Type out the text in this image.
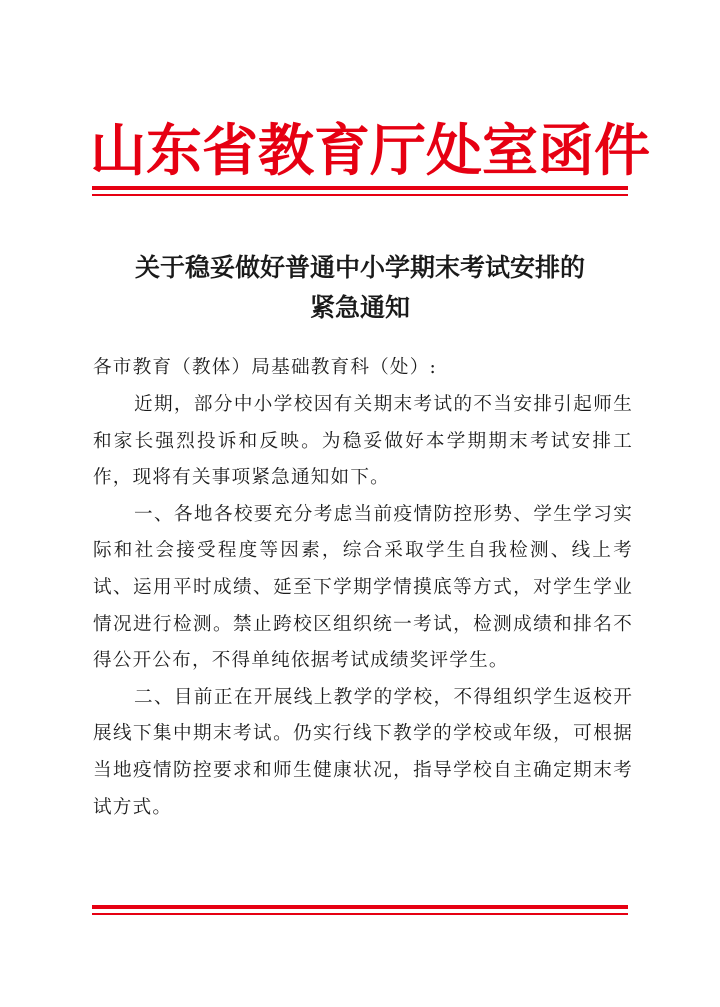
山东省教育厅处室函件
关于稳妥做好普通中小学期末考试安排的
紧急通知
各市教育（教体）局基础教育科（处）:

近期，部分中小学校因有关期末考试的不当安排引起师生和家长强烈投诉和反映。为稳妥做好本学期期末考试安排工作，现将有关事项紧急通知如下。

一、各地各校要充分考虑当前疫情防控形势、学生学习实际和社会接受程度等因素，综合采取学生自我检测、线上考试、运用平时成绩、延至下学期学情摸底等方式，对学生学业情况进行检测。禁止跨校区组织统一考试，检测成绩和排名不得公开公布，不得单纯依据考试成绩奖评学生。

二、目前正在开展线上教学的学校，不得组织学生返校开展线下集中期末考试。仍实行线下教学的学校或年级，可根据当地疫情防控要求和师生健康状况，指导学校自主确定期末考试方式。
